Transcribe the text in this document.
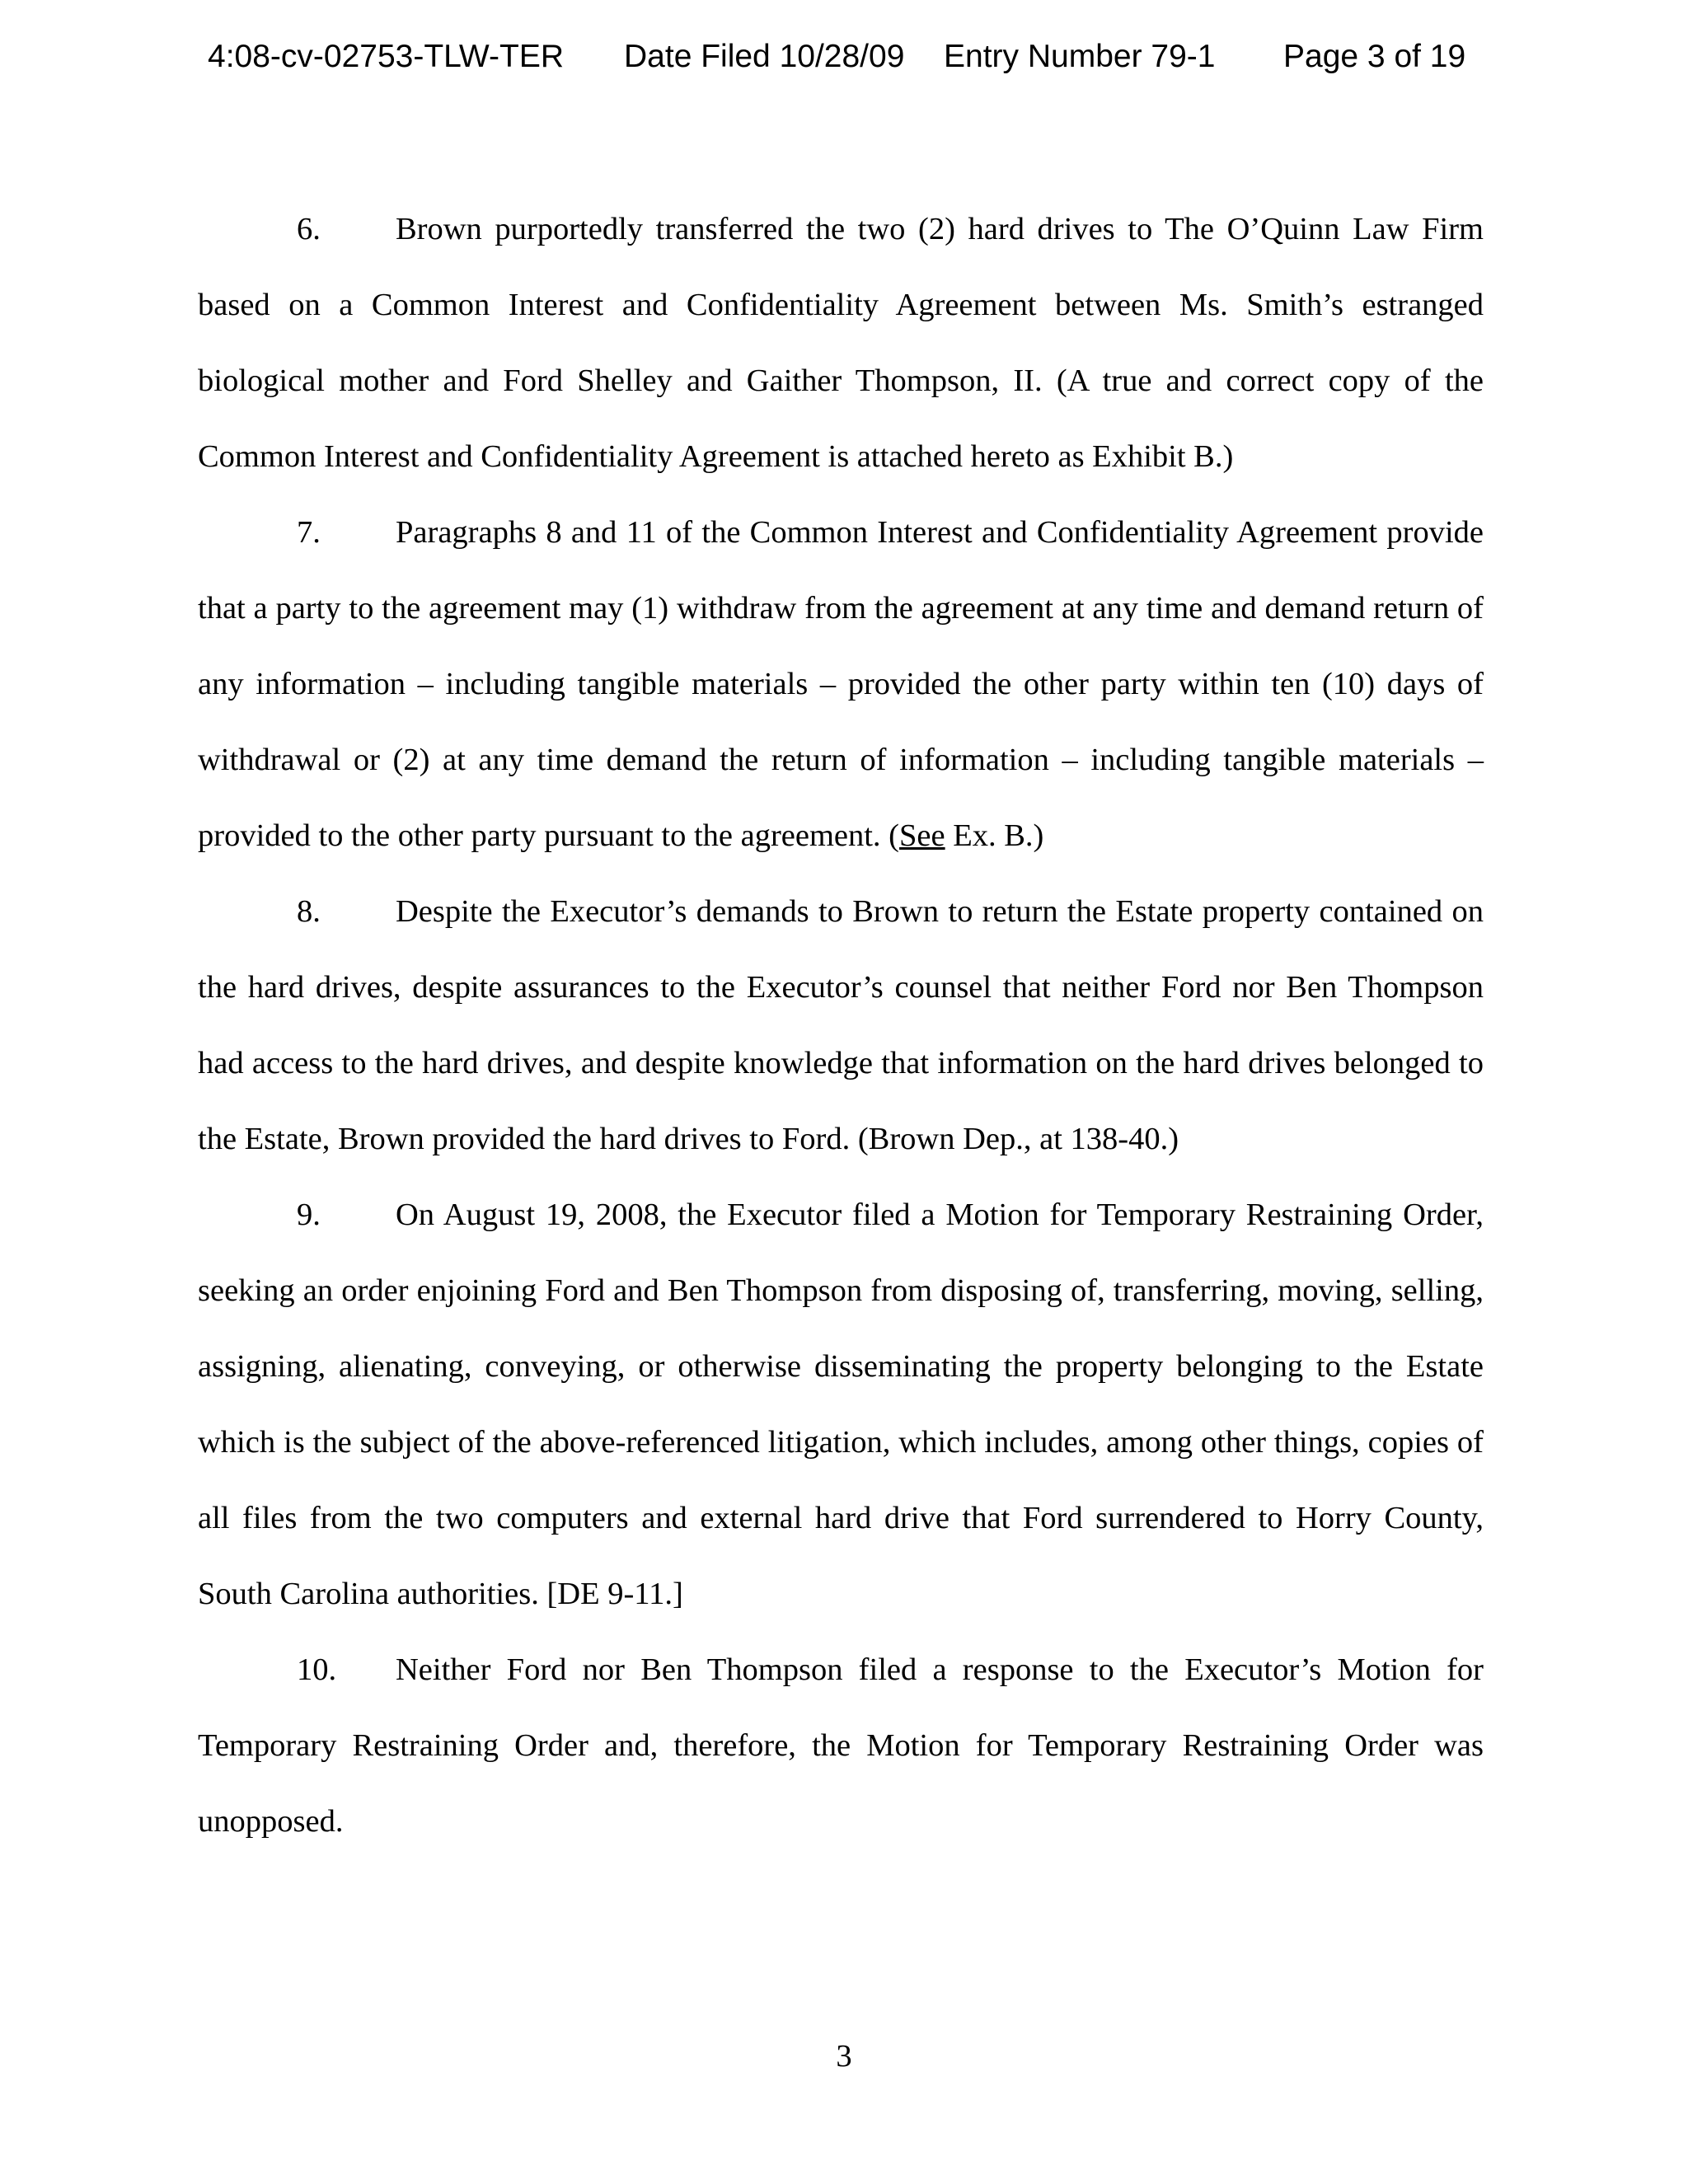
4:08-cv-02753-TLW-TER Date Filed 10/28/09 Entry Number 79-1 Page 3 of 19

6. Brown purportedly transferred the two (2) hard drives to The O’Quinn Law Firm based on a Common Interest and Confidentiality Agreement between Ms. Smith’s estranged biological mother and Ford Shelley and Gaither Thompson, II. (A true and correct copy of the Common Interest and Confidentiality Agreement is attached hereto as Exhibit B.)

7. Paragraphs 8 and 11 of the Common Interest and Confidentiality Agreement provide that a party to the agreement may (1) withdraw from the agreement at any time and demand return of any information – including tangible materials – provided the other party within ten (10) days of withdrawal or (2) at any time demand the return of information – including tangible materials – provided to the other party pursuant to the agreement. (See Ex. B.)

8. Despite the Executor’s demands to Brown to return the Estate property contained on the hard drives, despite assurances to the Executor’s counsel that neither Ford nor Ben Thompson had access to the hard drives, and despite knowledge that information on the hard drives belonged to the Estate, Brown provided the hard drives to Ford. (Brown Dep., at 138-40.)

9. On August 19, 2008, the Executor filed a Motion for Temporary Restraining Order, seeking an order enjoining Ford and Ben Thompson from disposing of, transferring, moving, selling, assigning, alienating, conveying, or otherwise disseminating the property belonging to the Estate which is the subject of the above-referenced litigation, which includes, among other things, copies of all files from the two computers and external hard drive that Ford surrendered to Horry County, South Carolina authorities. [DE 9-11.]

10. Neither Ford nor Ben Thompson filed a response to the Executor’s Motion for Temporary Restraining Order and, therefore, the Motion for Temporary Restraining Order was unopposed.

3
